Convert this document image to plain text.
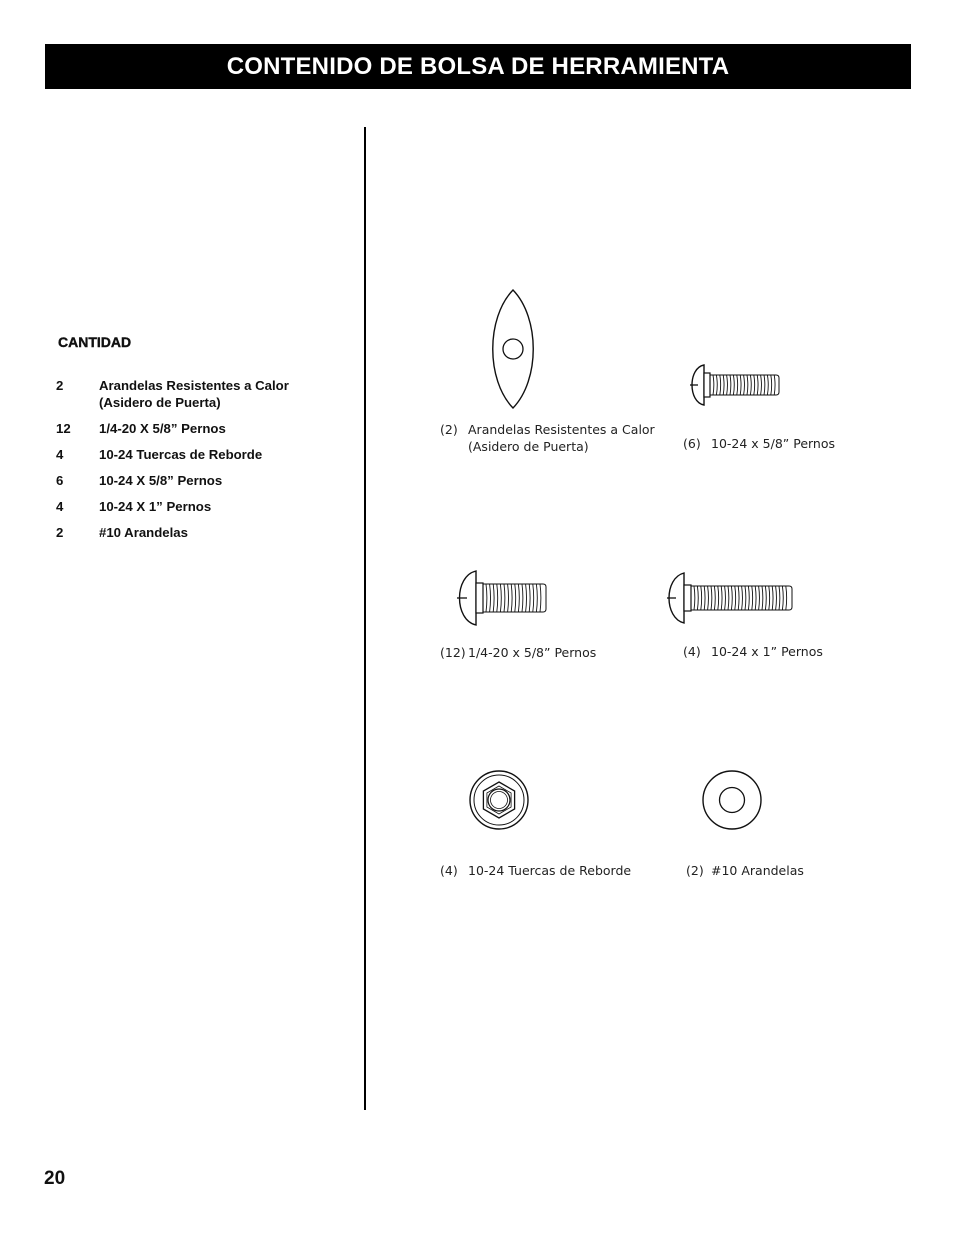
CONTENIDO DE BOLSA DE HERRAMIENTA
CANTIDAD
2	Arandelas Resistentes a Calor
(Asidero de Puerta)
12	1/4-20 X 5/8” Pernos
4	10-24 Tuercas de Reborde
6	10-24 X 5/8” Pernos
4	10-24 X 1” Pernos
2	#10 Arandelas
(2) Arandelas Resistentes a Calor
(Asidero de Puerta)	(6) 10-24 x 5/8” Pernos
(12) 1/4-20 x 5/8” Pernos	(4) 10-24 x 1” Pernos
(4) 10-24 Tuercas de Reborde	(2) #10 Arandelas
20
